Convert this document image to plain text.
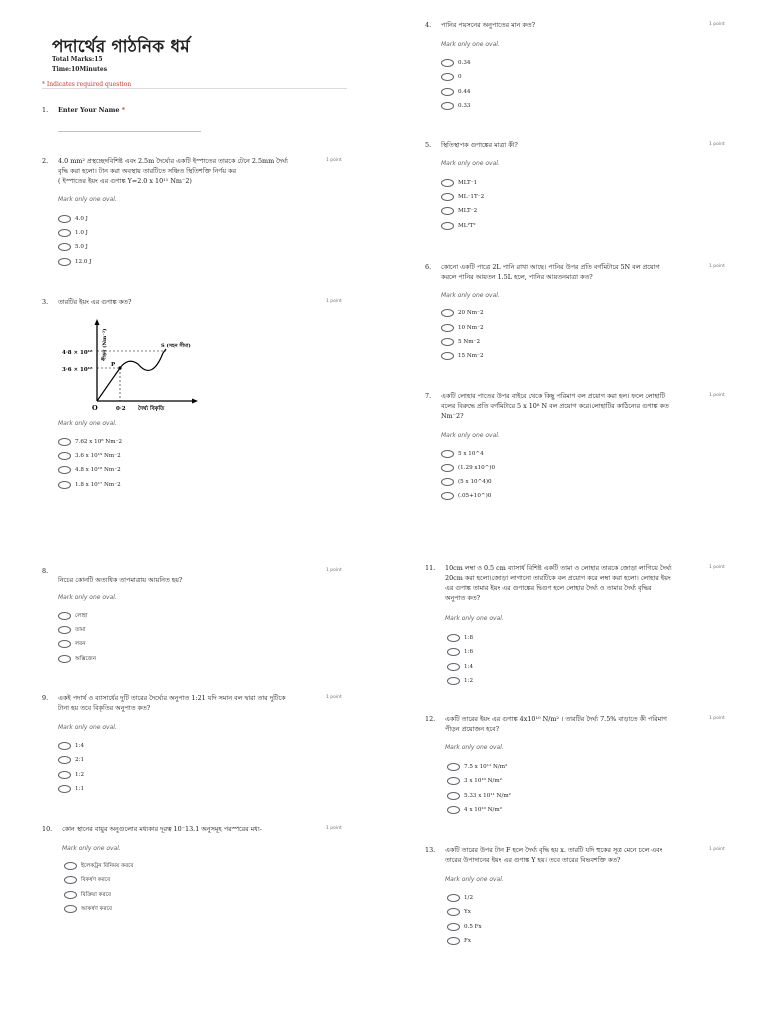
পদার্থের গাঠনিক ধর্ম
Total Marks:15
Time:10Minutes
* Indicates required question
1. Enter Your Name *
2. 4.0 mm² প্রস্থচ্ছেদবিশিষ্ট এবং 2.5m দৈর্ঘ্যের একটি ইস্পাতের তারকে টেনে 2.5mm দৈর্ঘ্য
বৃদ্ধি করা হলো। টান করা অবস্থায় তারটিতে সঞ্চিত স্থিতিশক্তি নির্ণয় কর
( ইস্পাতের ইয়ং এর গুণাঙ্ক Y=2.0 x 10¹¹ Nm⁻2)
1 point
Mark only one oval.
4.0 J
1.0 J
5.0 J
12.0 J
3. তারটির ইয়ং এর গুণাঙ্ক কত?	1 point
4·8 × 10¹⁸
3·6 × 10¹⁸
পীড়ন (Nm⁻²)
P
S (সহন সীমা)
O	0·2 দৈর্ঘ্য বিকৃতি
Mark only one oval.
7.62 x 10⁸ Nm⁻2
3.6 x 10¹⁹ Nm⁻2
4.8 x 10¹⁸ Nm⁻2
1.8 x 10¹⁷ Nm⁻2
4. পানির পয়সনের অনুপাতের মান কত?	1 point
Mark only one oval.
0.34
0
0.44
0.33
5. স্থিতিস্থাপক গুণাঙ্কের মাত্রা কী?	1 point
Mark only one oval.
MLT⁻1
ML⁻1T⁻2
MLT⁻2
ML²T²
6. কোনো একটি পাত্রে 2L পানি রাখা আছে। পানির উপর প্রতি বর্গমিটারে 5N বল প্রয়োগ
করলে পানির আয়তন 1.5L হলে, পানির আয়তনমাত্রা কত?
1 point
Mark only one oval.
20 Nm⁻2
10 Nm⁻2
5 Nm⁻2
15 Nm⁻2
7. একটি লোহার পাতের উপর বাইরে থেকে কিছু পরিমাণ বল প্রয়োগ করা হল। ফলে লোহাটি
বলের বিরুদ্ধে প্রতি বর্গমিটারে 5 x 10⁸ N বল প্রয়োগ করে।লোহাটির কাঠিন্যের গুণাঙ্ক কত
Nm⁻2?
1 point
Mark only one oval.
5 x 10^4
(1.29 x10^)0
(5 x 10^4)0
(.05+10^)0
8.
নিচের কোনটি অত্যধিক তাপমাত্রায় আয়নিত হয়?
1 point
Mark only one oval.
লোহা
তামা
লবন
অক্সিজেন
9. একই পদার্থ ও ব্যাসার্ধের দুটি তারের দৈর্ঘ্যের অনুপাত 1:21 যদি সমান বল দ্বারা তার দুটিকে
টানা হয় তবে বিকৃতির অনুপাত কত?
1 point
Mark only one oval.
1:4
2:1
1:2
1:1
10. কোন স্থানের বায়ুর অনুগুলোর মধ্যকার দূরত্ব 10⁻13.1 অনুসমূহ পরস্পরের মধ্য-	1 point
Mark only one oval.
ইলেকট্রন বিনিময় করবে
বিকর্ষণ করবে
বিক্রিয়া করবে
আকর্ষণ করবে
11. 10cm লম্বা ও 0.5 cm ব্যাসার্ধ বিশিষ্ট একটি তামা ও লোহার তারকে জোড়া লাগিয়ে দৈর্ঘ্য
20cm করা হলো।জোড়া লাগানো তারটিকে বল প্রয়োগ করে লম্বা করা হলো। লোহার ইয়ং
এর গুণাঙ্ক তামার ইয়ং এর গুণাঙ্কের দ্বিগুণ হলে লোহার দৈর্ঘ্য ও তামার দৈর্ঘ্য বৃদ্ধির
অনুপাত কত?
1 point
Mark only one oval.
1:8
1:6
1:4
1:2
12. একটি তারের ইয়ং এর গুণাঙ্ক 4x10¹⁰ N/m² । তারটির দৈর্ঘ্য 7.5% বাড়াতে কী পরিমাণ
পীড়ন প্রয়োজন হবে?
1 point
Mark only one oval.
7.5 x 10¹¹ N/m²
3 x 10¹⁰ N/m²
5.33 x 10¹¹ N/m²
4 x 10¹⁰ N/m²
13. একটি তারের উপর টান F হলে দৈর্ঘ্য বৃদ্ধি হয় x. তারটি যদি হুকের সূত্র মেনে চলে এবং
তারের উপাদানের ইয়ং এর গুণাঙ্ক Y হয়। তবে তারের বিভবশক্তি কত?
1 point
Mark only one oval.
1/2
Yx
0.5 Fx
Fx
